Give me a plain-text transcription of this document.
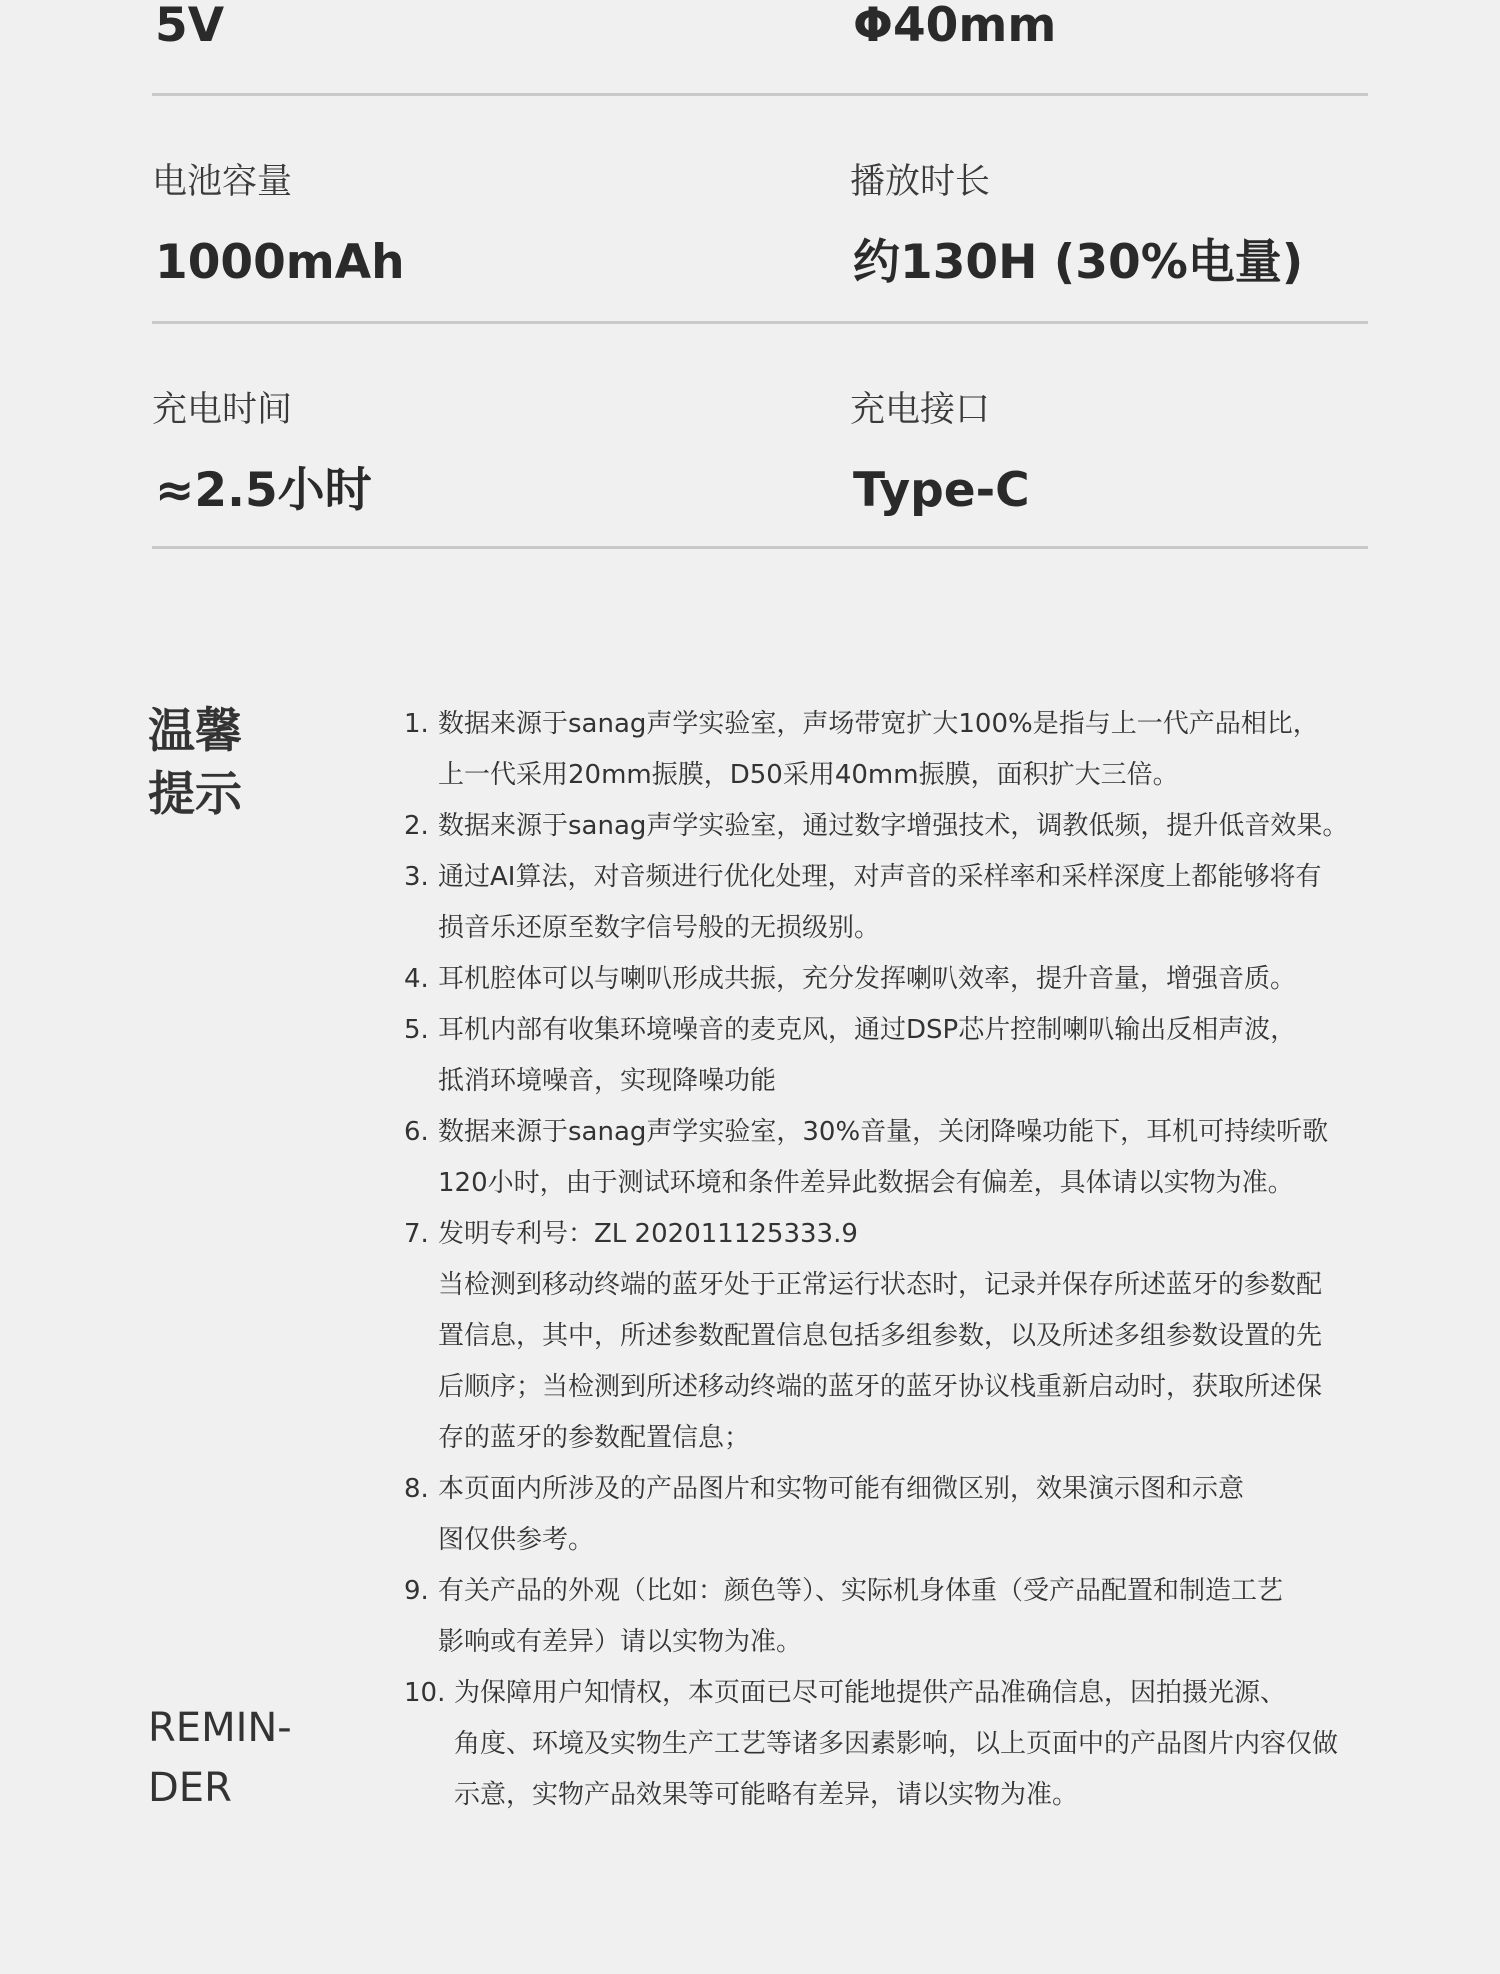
5V	Φ40mm
电池容量
1000mAh
播放时长
约130H (30%电量)
充电时间
≈2.5小时
充电接口
Type-C
温馨
提示
REMIN-
DER
1. 数据来源于sanag声学实验室，声场带宽扩大100%是指与上一代产品相比，
上一代采用20mm振膜，D50采用40mm振膜，面积扩大三倍。
2. 数据来源于sanag声学实验室，通过数字增强技术，调教低频，提升低音效果。
3. 通过AI算法，对音频进行优化处理，对声音的采样率和采样深度上都能够将有
损音乐还原至数字信号般的无损级别。
4. 耳机腔体可以与喇叭形成共振，充分发挥喇叭效率，提升音量，增强音质。
5. 耳机内部有收集环境噪音的麦克风，通过DSP芯片控制喇叭输出反相声波，
抵消环境噪音，实现降噪功能
6. 数据来源于sanag声学实验室，30%音量，关闭降噪功能下，耳机可持续听歌
120小时，由于测试环境和条件差异此数据会有偏差，具体请以实物为准。
7. 发明专利号：ZL 202011125333.9
当检测到移动终端的蓝牙处于正常运行状态时，记录并保存所述蓝牙的参数配
置信息，其中，所述参数配置信息包括多组参数，以及所述多组参数设置的先
后顺序；当检测到所述移动终端的蓝牙的蓝牙协议栈重新启动时，获取所述保
存的蓝牙的参数配置信息；
8. 本页面内所涉及的产品图片和实物可能有细微区别，效果演示图和示意
图仅供参考。
9. 有关产品的外观（比如：颜色等）、实际机身体重（受产品配置和制造工艺
影响或有差异）请以实物为准。
10. 为保障用户知情权，本页面已尽可能地提供产品准确信息，因拍摄光源、
角度、环境及实物生产工艺等诸多因素影响，以上页面中的产品图片内容仅做
示意，实物产品效果等可能略有差异，请以实物为准。
